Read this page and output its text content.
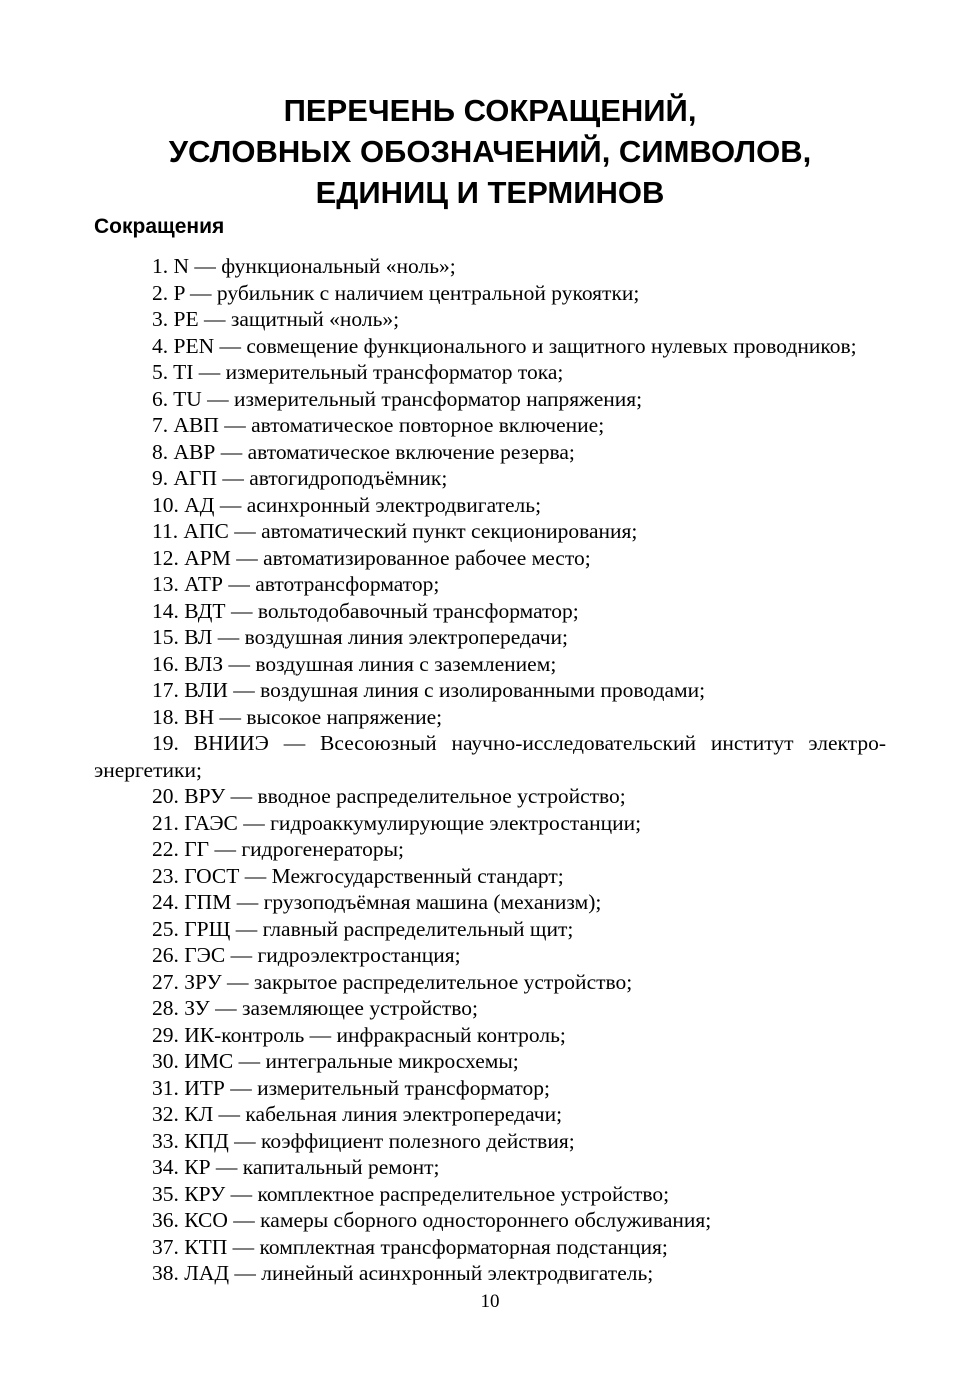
ПЕРЕЧЕНЬ СОКРАЩЕНИЙ,
УСЛОВНЫХ ОБОЗНАЧЕНИЙ, СИМВОЛОВ,
ЕДИНИЦ И ТЕРМИНОВ
Сокращения
1. N — функциональный «ноль»;
2. P — рубильник с наличием центральной рукоятки;
3. PE — защитный «ноль»;
4. PEN — совмещение функционального и защитного нулевых проводников;
5. TI — измерительный трансформатор тока;
6. TU — измерительный трансформатор напряжения;
7. АВП — автоматическое повторное включение;
8. АВР — автоматическое включение резерва;
9. АГП — автогидроподъёмник;
10. АД — асинхронный электродвигатель;
11. АПС — автоматический пункт секционирования;
12. АРМ — автоматизированное рабочее место;
13. АТР — автотрансформатор;
14. ВДТ — вольтодобавочный трансформатор;
15. ВЛ — воздушная линия электропередачи;
16. ВЛЗ — воздушная линия с заземлением;
17. ВЛИ — воздушная линия с изолированными проводами;
18. ВН — высокое напряжение;
19. ВНИИЭ — Всесоюзный научно-исследовательский институт электро-энергетики;
20. ВРУ — вводное распределительное устройство;
21. ГАЭС — гидроаккумулирующие электростанции;
22. ГГ — гидрогенераторы;
23. ГОСТ — Межгосударственный стандарт;
24. ГПМ — грузоподъёмная машина (механизм);
25. ГРЩ — главный распределительный щит;
26. ГЭС — гидроэлектростанция;
27. ЗРУ — закрытое распределительное устройство;
28. ЗУ — заземляющее устройство;
29. ИК-контроль — инфракрасный контроль;
30. ИМС — интегральные микросхемы;
31. ИТР — измерительный трансформатор;
32. КЛ — кабельная линия электропередачи;
33. КПД — коэффициент полезного действия;
34. КР — капитальный ремонт;
35. КРУ — комплектное распределительное устройство;
36. КСО — камеры сборного одностороннего обслуживания;
37. КТП — комплектная трансформаторная подстанция;
38. ЛАД — линейный асинхронный электродвигатель;
10
